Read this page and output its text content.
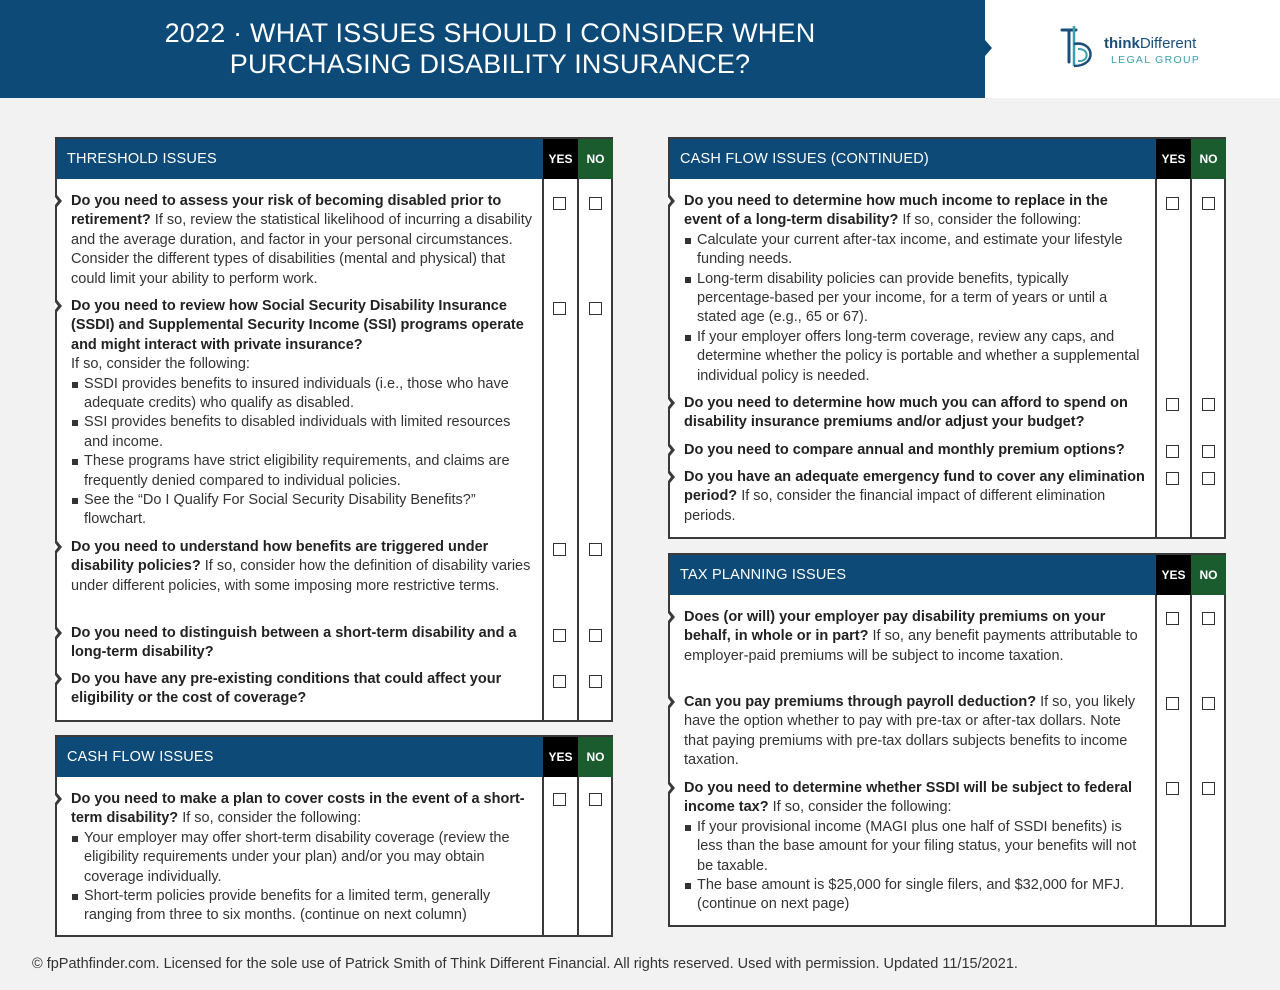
2022 · WHAT ISSUES SHOULD I CONSIDER WHEN
PURCHASING DISABILITY INSURANCE?
thinkDifferent
LEGAL GROUP
THRESHOLD ISSUES	YES	NO
Do you need to assess your risk of becoming disabled prior to retirement? If so, review the statistical likelihood of incurring a disability and the average duration, and factor in your personal circumstances. Consider the different types of disabilities (mental and physical) that could limit your ability to perform work.
Do you need to review how Social Security Disability Insurance (SSDI) and Supplemental Security Income (SSI) programs operate and might interact with private insurance?
If so, consider the following:
SSDI provides benefits to insured individuals (i.e., those who have adequate credits) who qualify as disabled.
SSI provides benefits to disabled individuals with limited resources and income.
These programs have strict eligibility requirements, and claims are frequently denied compared to individual policies.
See the “Do I Qualify For Social Security Disability Benefits?” flowchart.
Do you need to understand how benefits are triggered under disability policies? If so, consider how the definition of disability varies under different policies, with some imposing more restrictive terms.
Do you need to distinguish between a short-term disability and a long-term disability?
Do you have any pre-existing conditions that could affect your eligibility or the cost of coverage?
CASH FLOW ISSUES	YES	NO
Do you need to make a plan to cover costs in the event of a short-term disability? If so, consider the following:
Your employer may offer short-term disability coverage (review the eligibility requirements under your plan) and/or you may obtain coverage individually.
Short-term policies provide benefits for a limited term, generally ranging from three to six months. (continue on next column)
CASH FLOW ISSUES (CONTINUED)	YES	NO
Do you need to determine how much income to replace in the event of a long-term disability? If so, consider the following:
Calculate your current after-tax income, and estimate your lifestyle funding needs.
Long-term disability policies can provide benefits, typically percentage-based per your income, for a term of years or until a stated age (e.g., 65 or 67).
If your employer offers long-term coverage, review any caps, and determine whether the policy is portable and whether a supplemental individual policy is needed.
Do you need to determine how much you can afford to spend on disability insurance premiums and/or adjust your budget?
Do you need to compare annual and monthly premium options?
Do you have an adequate emergency fund to cover any elimination period? If so, consider the financial impact of different elimination periods.
TAX PLANNING ISSUES	YES	NO
Does (or will) your employer pay disability premiums on your behalf, in whole or in part? If so, any benefit payments attributable to employer-paid premiums will be subject to income taxation.
Can you pay premiums through payroll deduction? If so, you likely have the option whether to pay with pre-tax or after-tax dollars. Note that paying premiums with pre-tax dollars subjects benefits to income taxation.
Do you need to determine whether SSDI will be subject to federal income tax? If so, consider the following:
If your provisional income (MAGI plus one half of SSDI benefits) is less than the base amount for your filing status, your benefits will not be taxable.
The base amount is $25,000 for single filers, and $32,000 for MFJ. (continue on next page)
© fpPathfinder.com. Licensed for the sole use of Patrick Smith of Think Different Financial. All rights reserved. Used with permission. Updated 11/15/2021.
